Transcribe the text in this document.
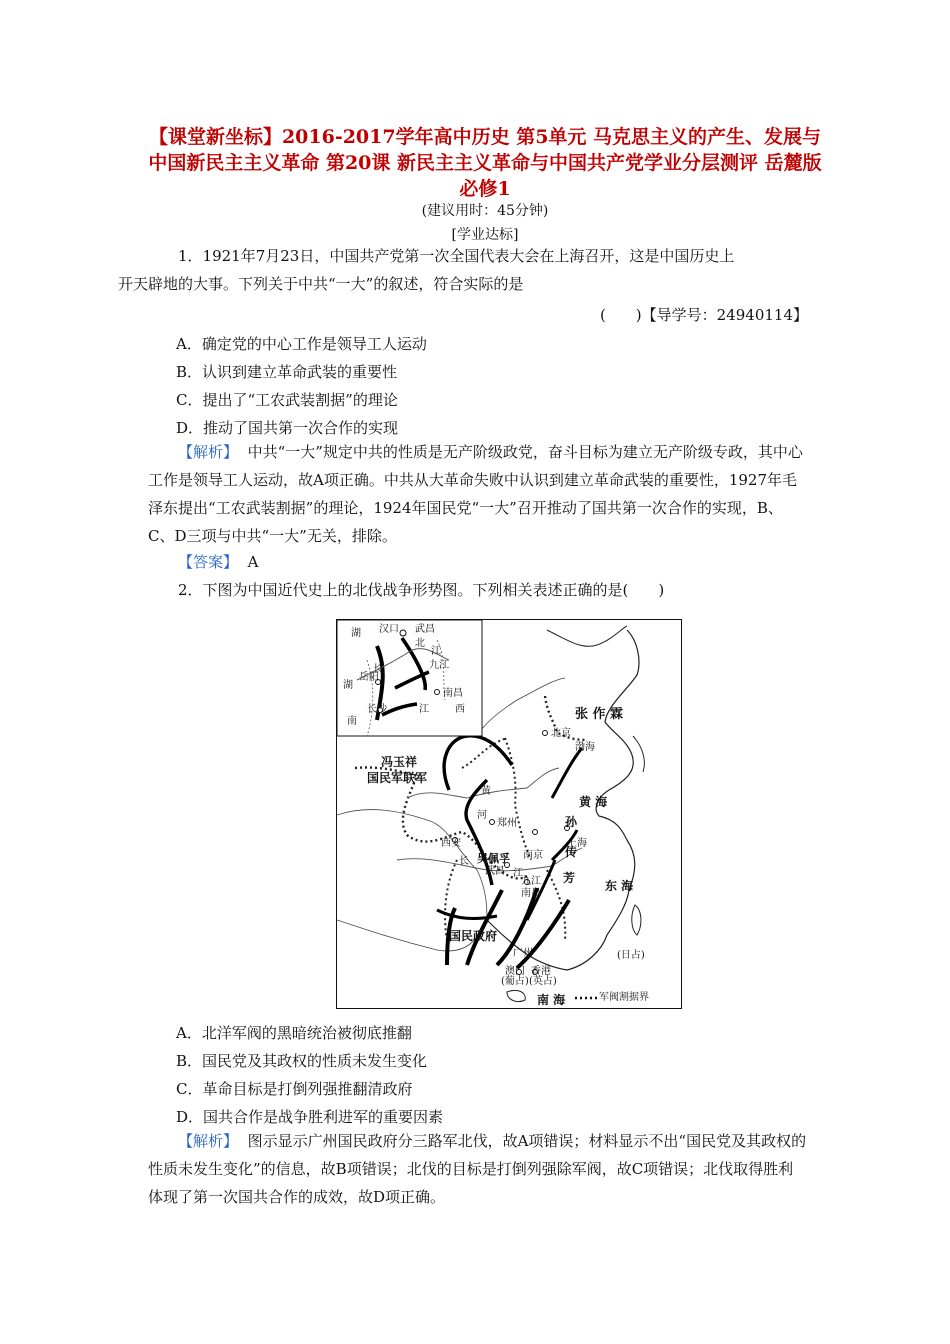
【课堂新坐标】2016-2017学年高中历史 第5单元 马克思主义的产生、发展与中国新民主主义革命 第20课 新民主主义革命与中国共产党学业分层测评 岳麓版必修1
(建议用时：45分钟)
[学业达标]
1．1921年7月23日，中国共产党第一次全国代表大会在上海召开，这是中国历史上
开天辟地的大事。下列关于中共“一大”的叙述，符合实际的是
(　　)【导学号：24940114】
A．确定党的中心工作是领导工人运动
B．认识到建立革命武装的重要性
C．提出了“工农武装割据”的理论
D．推动了国共第一次合作的实现
【解析】 中共“一大”规定中共的性质是无产阶级政党，奋斗目标为建立无产阶级专政，其中心工作是领导工人运动，故A项正确。中共从大革命失败中认识到建立革命武装的重要性，1927年毛泽东提出“工农武装割据”的理论，1924年国民党“一大”召开推动了国共第一次合作的实现，B、C、D三项与中共“一大”无关，排除。
【答案】 A
2．下图为中国近代史上的北伐战争形势图。下列相关表述正确的是(　　)
汉口 武昌
湖
北
九江
长
江
岳阳
湖
南昌
长沙	江	西
南	张 作 霖
冯玉祥
国民军联军
北京
渤海
黄 海
东 海
南 海
西安
郑州
南京
上海
吴佩孚
武昌
九江
南昌
孙
传
芳
黄
河
长
江
国民政府
广州
香港
(英占)
澳门
(葡占)
(日占)
军阀割据界
A．北洋军阀的黑暗统治被彻底推翻
B．国民党及其政权的性质未发生变化
C．革命目标是打倒列强推翻清政府
D．国共合作是战争胜利进军的重要因素
【解析】 图示显示广州国民政府分三路军北伐，故A项错误；材料显示不出“国民党及其政权的性质未发生变化”的信息，故B项错误；北伐的目标是打倒列强除军阀，故C项错误；北伐取得胜利体现了第一次国共合作的成效，故D项正确。
